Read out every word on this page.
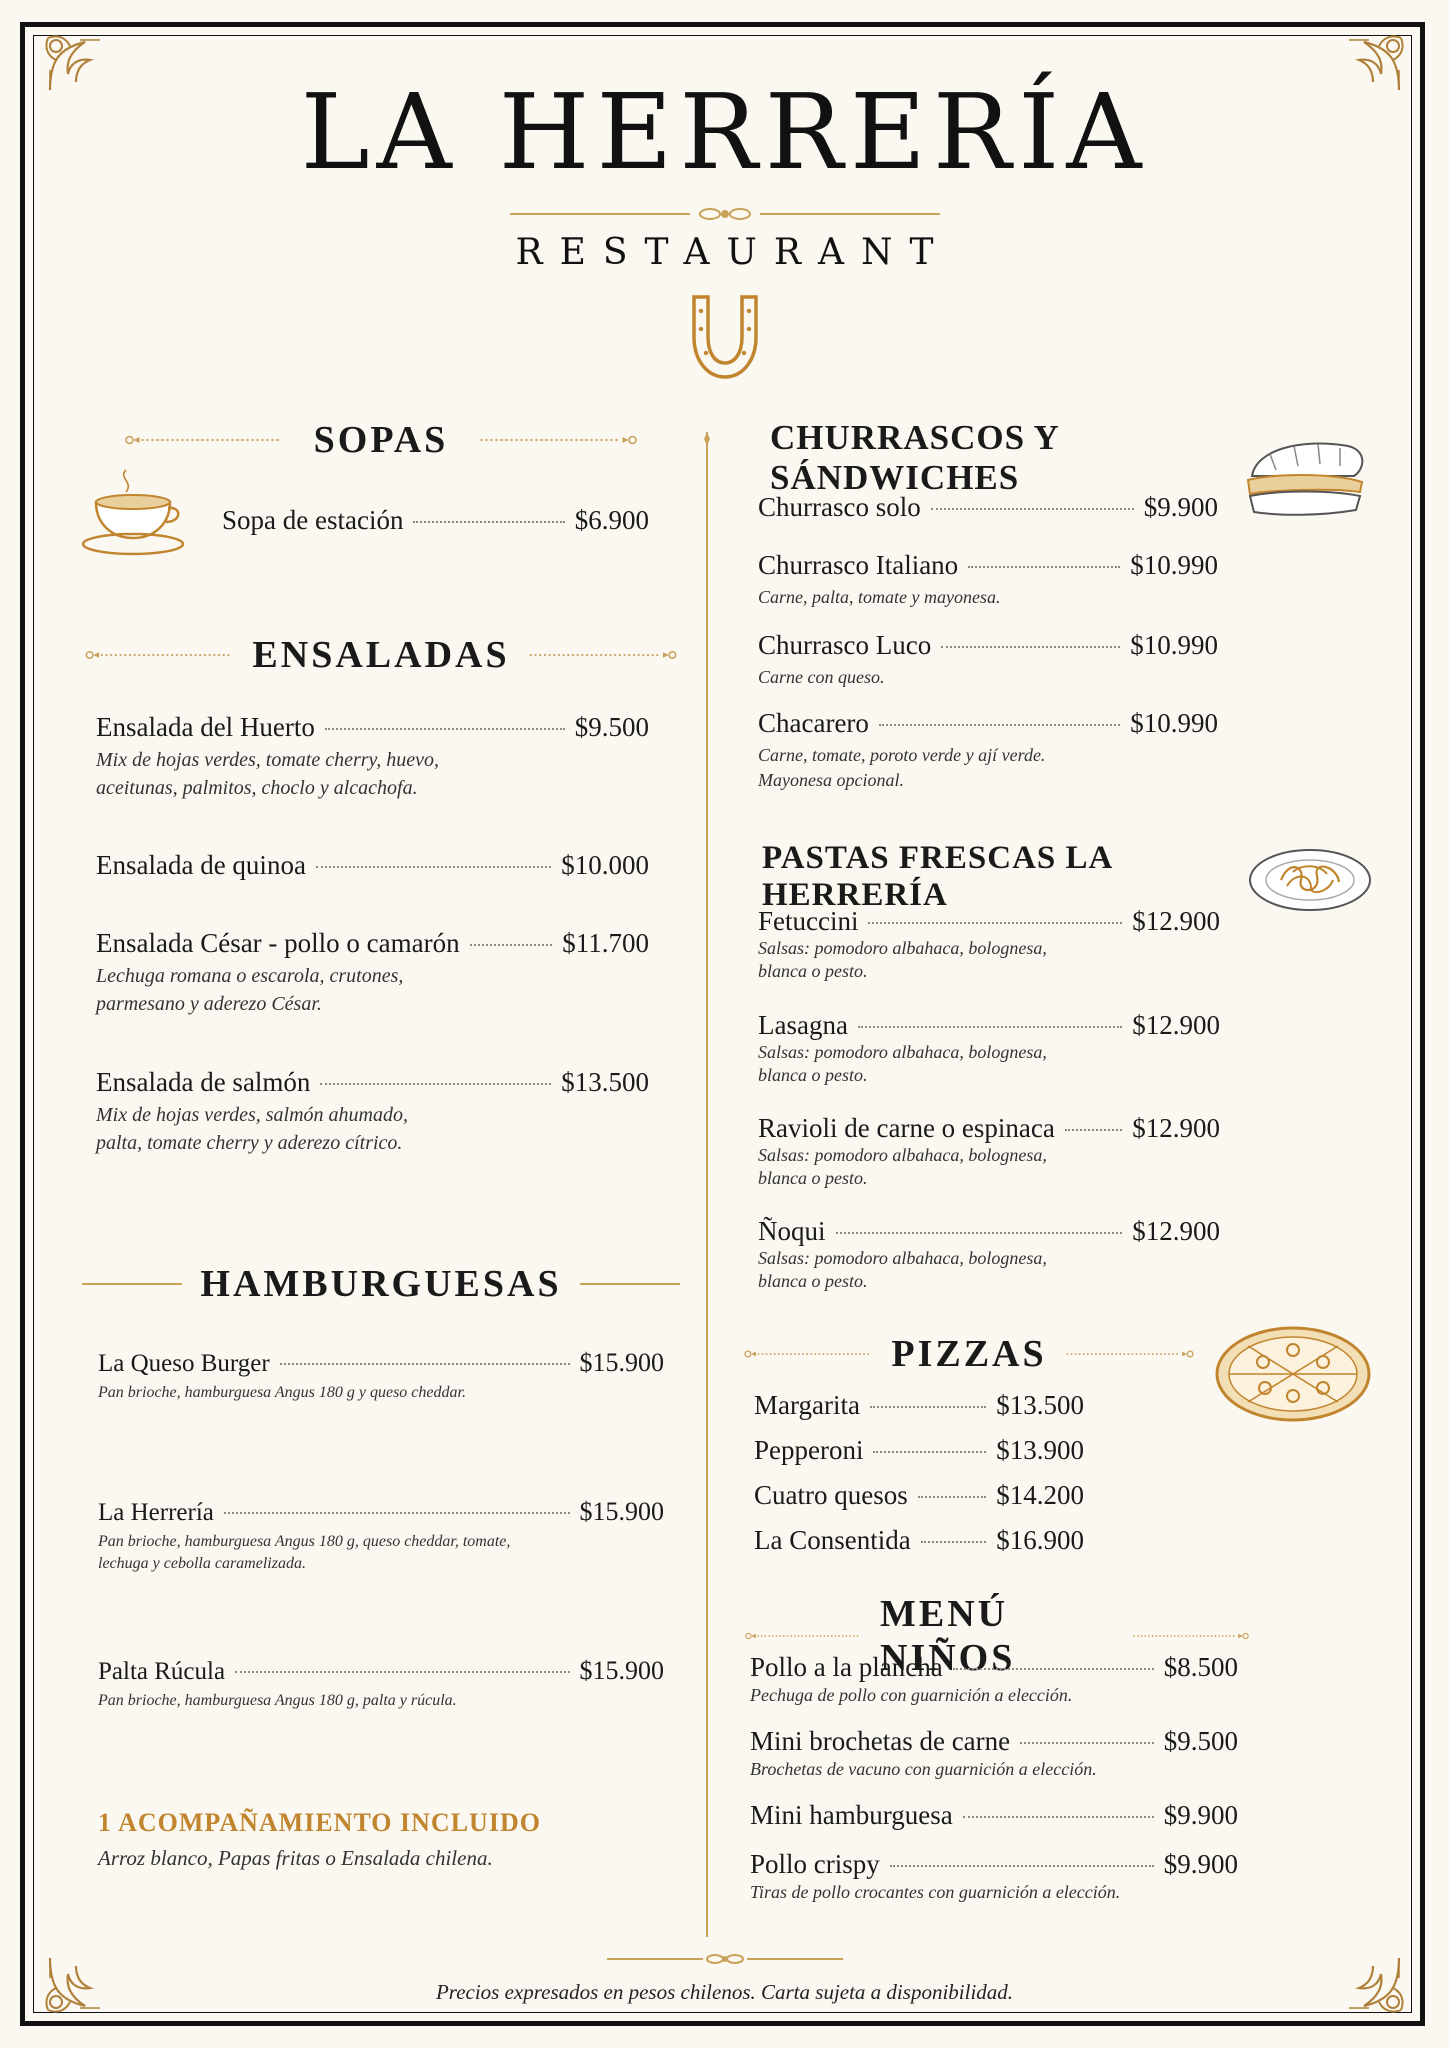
LA HERRERÍA
RESTAURANT
SOPAS
Sopa de estación	$6.900
ENSALADAS
Ensalada del Huerto	$9.500
Mix de hojas verdes, tomate cherry, huevo,
aceitunas, palmitos, choclo y alcachofa.
Ensalada de quinoa	$10.000
Ensalada César - pollo o camarón	$11.700
Lechuga romana o escarola, crutones,
parmesano y aderezo César.
Ensalada de salmón	$13.500
Mix de hojas verdes, salmón ahumado,
palta, tomate cherry y aderezo cítrico.
HAMBURGUESAS
La Queso Burger	$15.900
Pan brioche, hamburguesa Angus 180 g y queso cheddar.
La Herrería	$15.900
Pan brioche, hamburguesa Angus 180 g, queso cheddar, tomate,
lechuga y cebolla caramelizada.
Palta Rúcula	$15.900
Pan brioche, hamburguesa Angus 180 g, palta y rúcula.
1 ACOMPAÑAMIENTO INCLUIDO
Arroz blanco, Papas fritas o Ensalada chilena.
CHURRASCOS Y SÁNDWICHES
Churrasco solo	$9.900
Churrasco Italiano	$10.990
Carne, palta, tomate y mayonesa.
Churrasco Luco	$10.990
Carne con queso.
Chacarero	$10.990
Carne, tomate, poroto verde y ají verde.
Mayonesa opcional.
PASTAS FRESCAS LA HERRERÍA
Fetuccini	$12.900
Salsas: pomodoro albahaca, bolognesa,
blanca o pesto.
Lasagna	$12.900
Salsas: pomodoro albahaca, bolognesa,
blanca o pesto.
Ravioli de carne o espinaca	$12.900
Salsas: pomodoro albahaca, bolognesa,
blanca o pesto.
Ñoqui	$12.900
Salsas: pomodoro albahaca, bolognesa,
blanca o pesto.
PIZZAS
Margarita	$13.500
Pepperoni	$13.900
Cuatro quesos	$14.200
La Consentida	$16.900
MENÚ NIÑOS
Pollo a la plancha	$8.500
Pechuga de pollo con guarnición a elección.
Mini brochetas de carne	$9.500
Brochetas de vacuno con guarnición a elección.
Mini hamburguesa	$9.900
Pollo crispy	$9.900
Tiras de pollo crocantes con guarnición a elección.
Precios expresados en pesos chilenos. Carta sujeta a disponibilidad.
